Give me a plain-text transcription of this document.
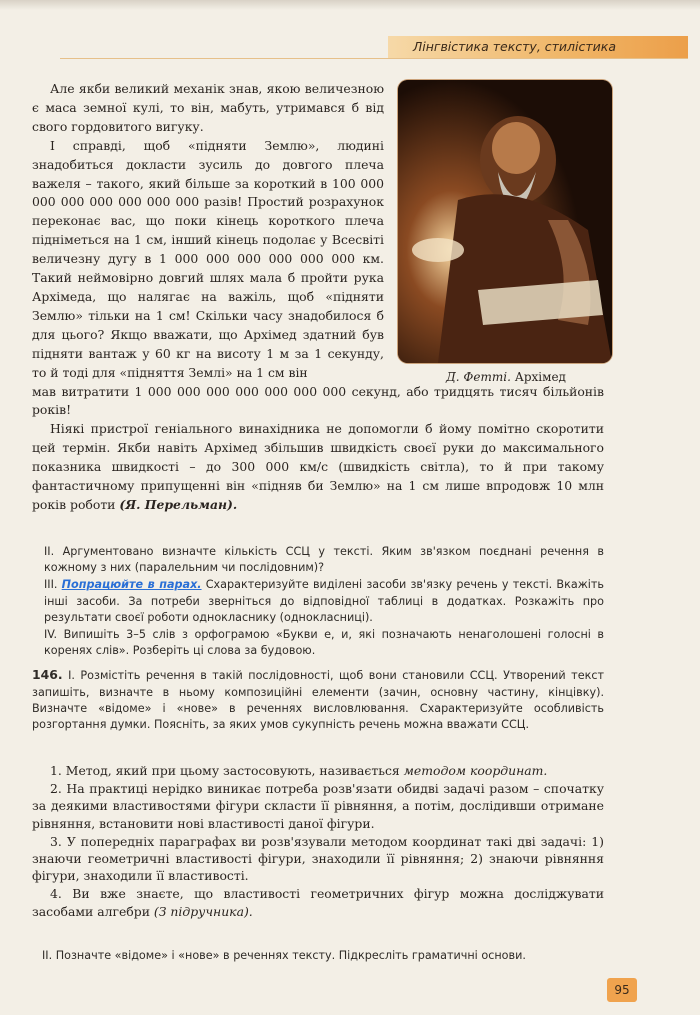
Лінгвістика тексту, стилістика
Д. Фетті. Архімед

Але якби великий механік знав, якою величезною є маса земної кулі, то він, мабуть, утримався б від свого гордовитого вигуку.

І справді, щоб «підняти Землю», людині знадобиться докласти зусиль до довгого плеча важеля – такого, який більше за короткий в 100 000 000 000 000 000 000 000 разів! Простий розрахунок переконає вас, що поки кінець короткого плеча підніметься на 1 см, інший кінець подолає у Всесвіті величезну дугу в 1 000 000 000 000 000 000 км. Такий неймовірно довгий шлях мала б пройти рука Архімеда, що налягає на важіль, щоб «підняти Землю» тільки на 1 см! Скільки часу знадобилося б для цього? Якщо вважати, що Архімед здатний був підняти вантаж у 60 кг на висоту 1 м за 1 секунду, то й тоді для «підняття Землі» на 1 см він

мав витратити 1 000 000 000 000 000 000 000 секунд, або тридцять тисяч більйонів років!

Ніякі пристрої геніального винахідника не допомогли б йому помітно скоротити цей термін. Якби навіть Архімед збільшив швидкість своєї руки до максимального показника швидкості – до 300 000 км/с (швидкість світла), то й при такому фантастичному припущенні він «підняв би Землю» на 1 см лише впродовж 10 млн років роботи (Я. Перельман).

II. Аргументовано визначте кількість ССЦ у тексті. Яким зв'язком поєднані речення в кожному з них (паралельним чи послідовним)?

III. Попрацюйте в парах. Схарактеризуйте виділені засоби зв'язку речень у тексті. Вкажіть інші засоби. За потреби зверніться до відповідної таблиці в додатках. Розкажіть про результати своєї роботи однокласнику (однокласниці).

IV. Випишіть 3–5 слів з орфограмою «Букви е, и, які позначають ненаголошені голосні в коренях слів». Розберіть ці слова за будовою.

146. І. Розмістіть речення в такій послідовності, щоб вони становили ССЦ. Утворений текст запишіть, визначте в ньому композиційні елементи (зачин, основну частину, кінцівку). Визначте «відоме» і «нове» в реченнях висловлювання. Схарактеризуйте особливість розгортання думки. Поясніть, за яких умов сукупність речень можна вважати ССЦ.

1. Метод, який при цьому застосовують, називається методом координат.

2. На практиці нерідко виникає потреба розв'язати обидві задачі разом – спочатку за деякими властивостями фігури скласти її рівняння, а потім, дослідивши отримане рівняння, встановити нові властивості даної фігури.

3. У попередніх параграфах ви розв'язували методом координат такі дві задачі: 1) знаючи геометричні властивості фігури, знаходили її рівняння; 2) знаючи рівняння фігури, знаходили її властивості.

4. Ви вже знаєте, що властивості геометричних фігур можна досліджувати засобами алгебри (З підручника).

II. Позначте «відоме» і «нове» в реченнях тексту. Підкресліть граматичні основи.
95
